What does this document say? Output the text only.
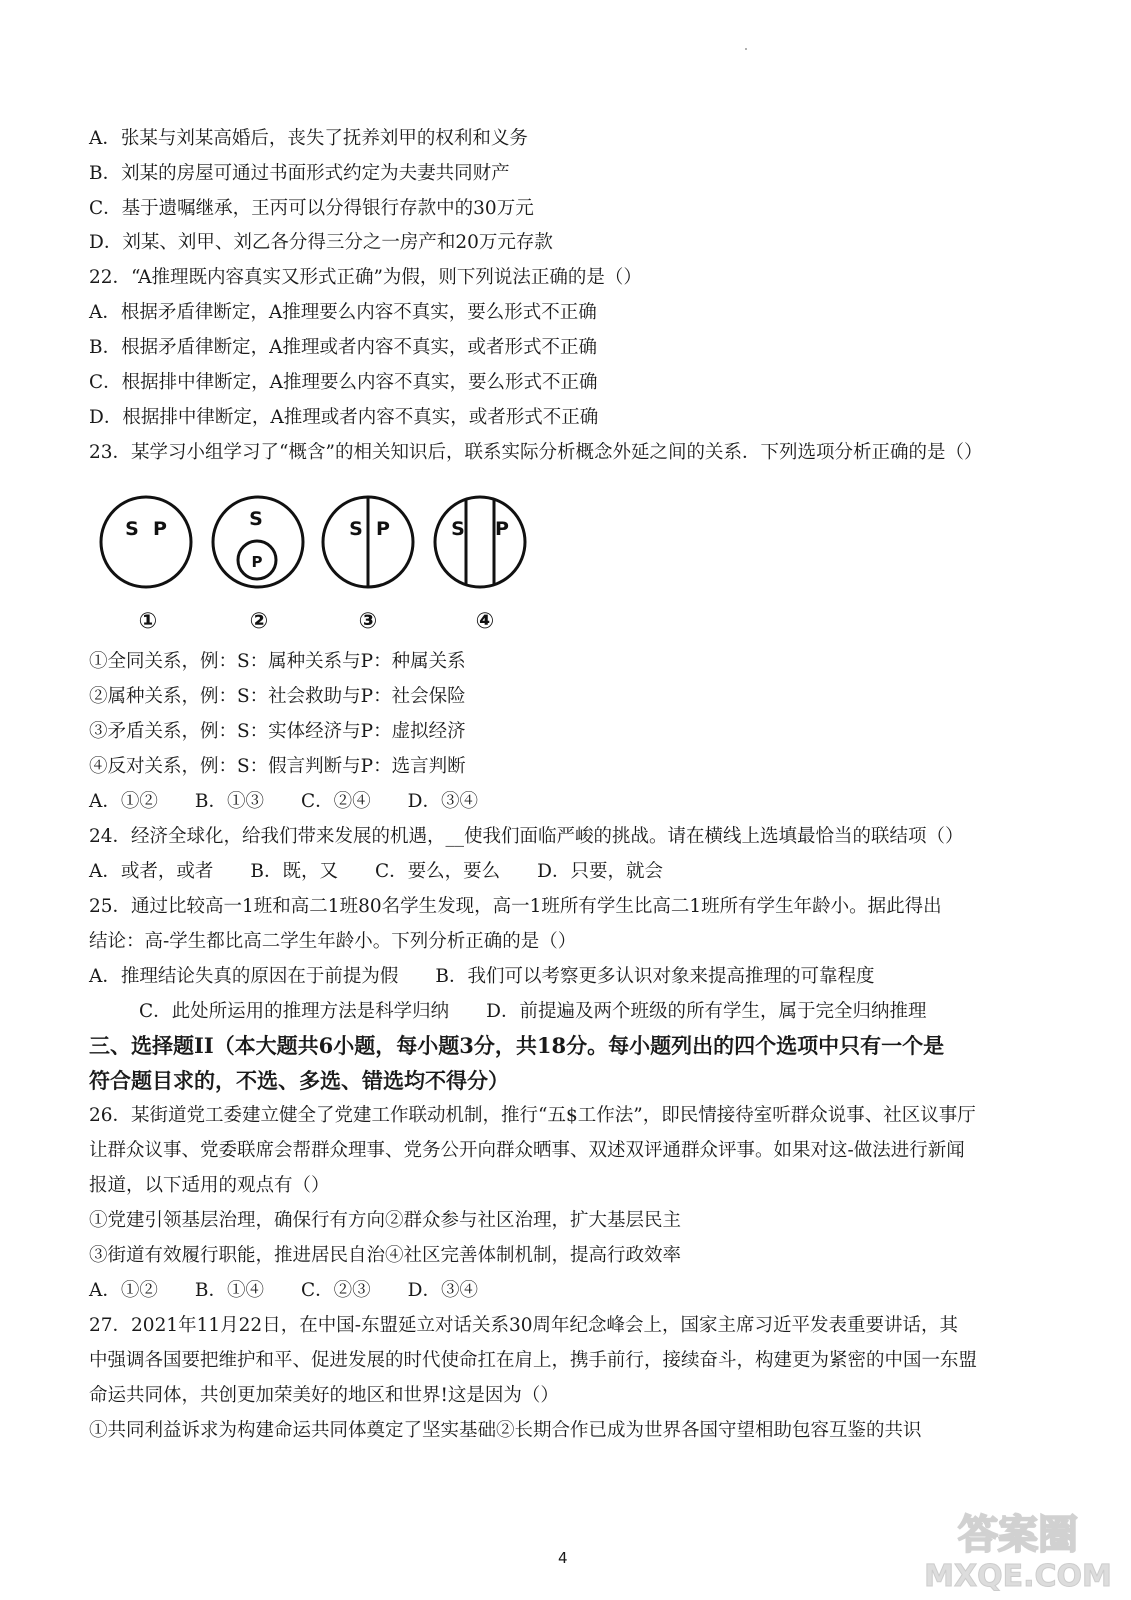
A．张某与刘某高婚后，丧失了抚养刘甲的权利和义务
B．刘某的房屋可通过书面形式约定为夫妻共同财产
C．基于遗嘱继承，王丙可以分得银行存款中的30万元
D．刘某、刘甲、刘乙各分得三分之一房产和20万元存款
22．“A推理既内容真实又形式正确”为假，则下列说法正确的是（）
A．根据矛盾律断定，A推理要么内容不真实，要么形式不正确
B．根据矛盾律断定，A推理或者内容不真实，或者形式不正确
C．根据排中律断定，A推理要么内容不真实，要么形式不正确
D．根据排中律断定，A推理或者内容不真实，或者形式不正确
23．某学习小组学习了“概含”的相关知识后，联系实际分析概念外延之间的关系．下列选项分析正确的是（）
S P	S
P
S P	S P
①	②	③	④
①全同关系，例：S：属种关系与P：种属关系
②属种关系，例：S：社会救助与P：社会保险
③矛盾关系，例：S：实体经济与P：虚拟经济
④反对关系，例：S：假言判断与P：选言判断
A．①②　　B．①③　　C．②④　　D．③④
24．经济全球化，给我们带来发展的机遇，__使我们面临严峻的挑战。请在横线上选填最恰当的联结项（）
A．或者，或者　　B．既，又　　C．要么，要么　　D．只要，就会
25．通过比较高一1班和高二1班80名学生发现，高一1班所有学生比高二1班所有学生年龄小。据此得出
结论：高-学生都比高二学生年龄小。下列分析正确的是（）
A．推理结论失真的原因在于前提为假　　B．我们可以考察更多认识对象来提高推理的可靠程度
C．此处所运用的推理方法是科学归纳　　D．前提遍及两个班级的所有学生，属于完全归纳推理
三、选择题II（本大题共6小题，每小题3分，共18分。每小题列出的四个选项中只有一个是
符合题目求的，不选、多选、错选均不得分）
26．某街道党工委建立健全了党建工作联动机制，推行“五$工作法”，即民情接待室听群众说事、社区议事厅
让群众议事、党委联席会帮群众理事、党务公开向群众晒事、双述双评通群众评事。如果对这-做法进行新闻
报道，以下适用的观点有（）
①党建引领基层治理，确保行有方向②群众参与社区治理，扩大基层民主
③街道有效履行职能，推进居民自治④社区完善体制机制，提高行政效率
A．①②　　B．①④　　C．②③　　D．③④
27．2021年11月22日，在中国-东盟延立对话关系30周年纪念峰会上，国家主席习近平发表重要讲话，其
中强调各国要把维护和平、促进发展的时代使命扛在肩上，携手前行，接续奋斗，构建更为紧密的中国一东盟
命运共同体，共创更加荣美好的地区和世界!这是因为（）
①共同利益诉求为构建命运共同体奠定了坚实基础②长期合作已成为世界各国守望相助包容互鉴的共识
4	答案圈
MXQE.COM
